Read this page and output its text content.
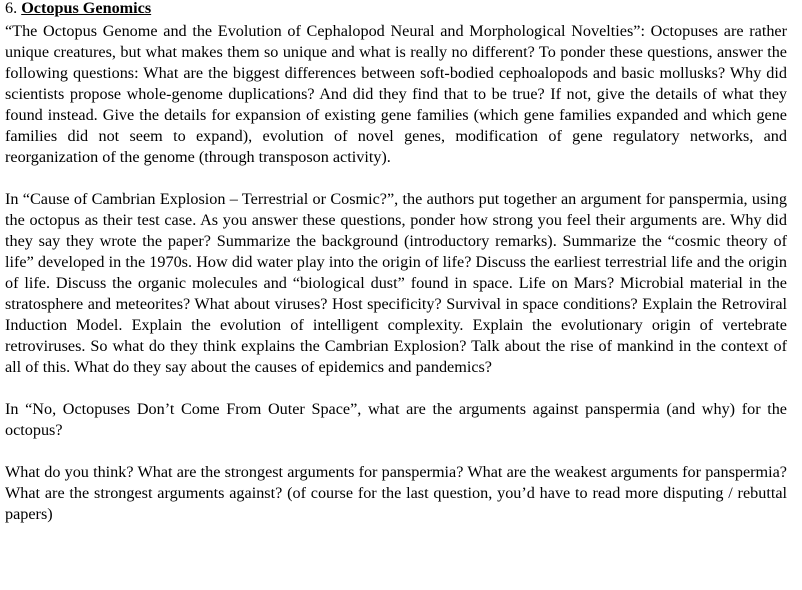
6. Octopus Genomics

“The Octopus Genome and the Evolution of Cephalopod Neural and Morphological Novelties”: Octopuses are rather unique creatures, but what makes them so unique and what is really no different? To ponder these questions, answer the following questions: What are the biggest differences between soft-bodied cephoalopods and basic mollusks? Why did scientists propose whole-genome duplications? And did they find that to be true? If not, give the details of what they found instead. Give the details for expansion of existing gene families (which gene families expanded and which gene families did not seem to expand), evolution of novel genes, modification of gene regulatory networks, and reorganization of the genome (through transposon activity).

In “Cause of Cambrian Explosion – Terrestrial or Cosmic?”, the authors put together an argument for panspermia, using the octopus as their test case. As you answer these questions, ponder how strong you feel their arguments are. Why did they say they wrote the paper? Summarize the background (introductory remarks). Summarize the “cosmic theory of life” developed in the 1970s. How did water play into the origin of life? Discuss the earliest terrestrial life and the origin of life. Discuss the organic molecules and “biological dust” found in space. Life on Mars? Microbial material in the stratosphere and meteorites? What about viruses? Host specificity? Survival in space conditions? Explain the Retroviral Induction Model. Explain the evolution of intelligent complexity. Explain the evolutionary origin of vertebrate retroviruses. So what do they think explains the Cambrian Explosion? Talk about the rise of mankind in the context of all of this. What do they say about the causes of epidemics and pandemics?

In “No, Octopuses Don’t Come From Outer Space”, what are the arguments against panspermia (and why) for the octopus?

What do you think? What are the strongest arguments for panspermia? What are the weakest arguments for panspermia? What are the strongest arguments against? (of course for the last question, you’d have to read more disputing / rebuttal papers)
